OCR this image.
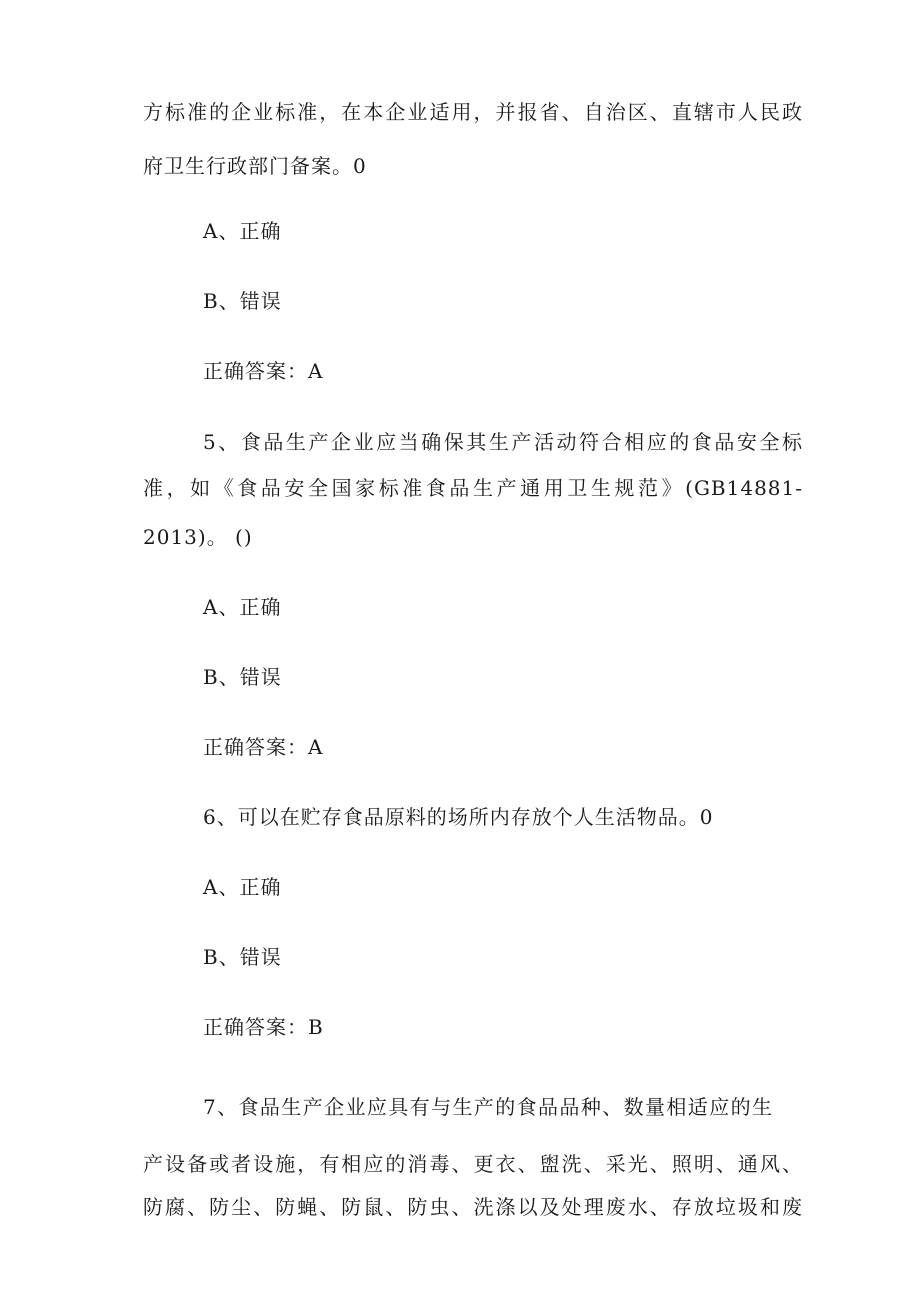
方标准的企业标准，在本企业适用，并报省、自治区、直辖市人民政
府卫生行政部门备案。0
A、正确
B、错误
正确答案：A
5、食品生产企业应当确保其生产活动符合相应的食品安全标
准，如《食品安全国家标准食品生产通用卫生规范》(GB14881-
2013)。 ()
A、正确
B、错误
正确答案：A
6、可以在贮存食品原料的场所内存放个人生活物品。0
A、正确
B、错误
正确答案：B
7、食品生产企业应具有与生产的食品品种、数量相适应的生
产设备或者设施，有相应的消毒、更衣、盥洗、采光、照明、通风、
防腐、防尘、防蝇、防鼠、防虫、洗涤以及处理废水、存放垃圾和废
